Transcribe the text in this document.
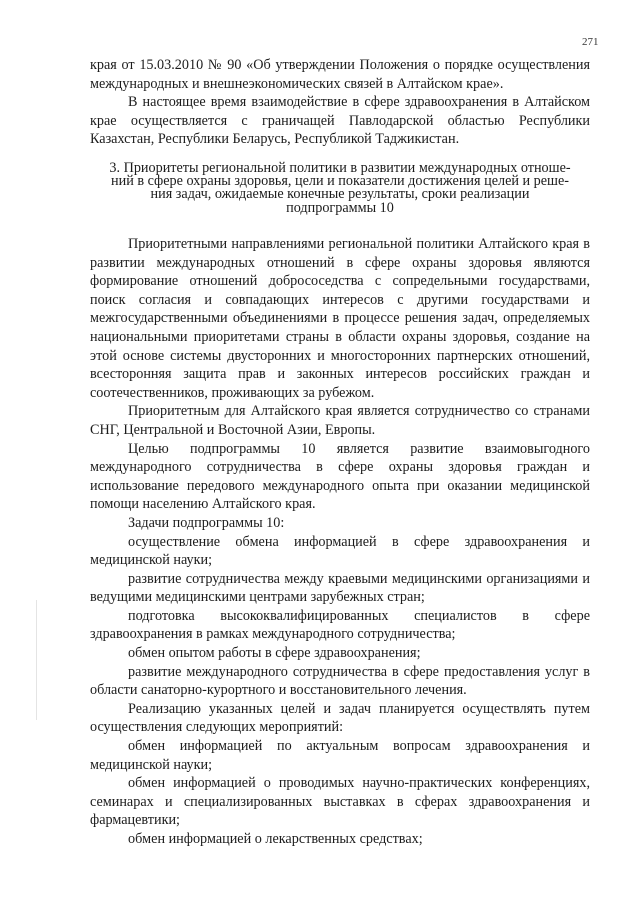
271

края от 15.03.2010 № 90 «Об утверждении Положения о порядке осуществления международных и внешнеэкономических связей в Алтайском крае».

В настоящее время взаимодействие в сфере здравоохранения в Алтайском крае осуществляется с граничащей Павлодарской областью Республики Казахстан, Республики Беларусь, Республикой Таджикистан.

3. Приоритеты региональной политики в развитии международных отноше-
ний в сфере охраны здоровья, цели и показатели достижения целей и реше-
ния задач, ожидаемые конечные результаты, сроки реализации
подпрограммы 10

Приоритетными направлениями региональной политики Алтайского края в развитии международных отношений в сфере охраны здоровья являются формирование отношений добрососедства с сопредельными государствами, поиск согласия и совпадающих интересов с другими государствами и межгосударственными объединениями в процессе решения задач, определяемых национальными приоритетами страны в области охраны здоровья, создание на этой основе системы двусторонних и многосторонних партнерских отношений, всесторонняя защита прав и законных интересов российских граждан и соотечественников, проживающих за рубежом.

Приоритетным для Алтайского края является сотрудничество со странами СНГ, Центральной и Восточной Азии, Европы.

Целью подпрограммы 10 является развитие взаимовыгодного международного сотрудничества в сфере охраны здоровья граждан и использование передового международного опыта при оказании медицинской помощи населению Алтайского края.

Задачи подпрограммы 10:

осуществление обмена информацией в сфере здравоохранения и медицинской науки;

развитие сотрудничества между краевыми медицинскими организациями и ведущими медицинскими центрами зарубежных стран;

подготовка высококвалифицированных специалистов в сфере здравоохранения в рамках международного сотрудничества;

обмен опытом работы в сфере здравоохранения;

развитие международного сотрудничества в сфере предоставления услуг в области санаторно-курортного и восстановительного лечения.

Реализацию указанных целей и задач планируется осуществлять путем осуществления следующих мероприятий:

обмен информацией по актуальным вопросам здравоохранения и медицинской науки;

обмен информацией о проводимых научно-практических конференциях, семинарах и специализированных выставках в сферах здравоохранения и фармацевтики;

обмен информацией о лекарственных средствах;
